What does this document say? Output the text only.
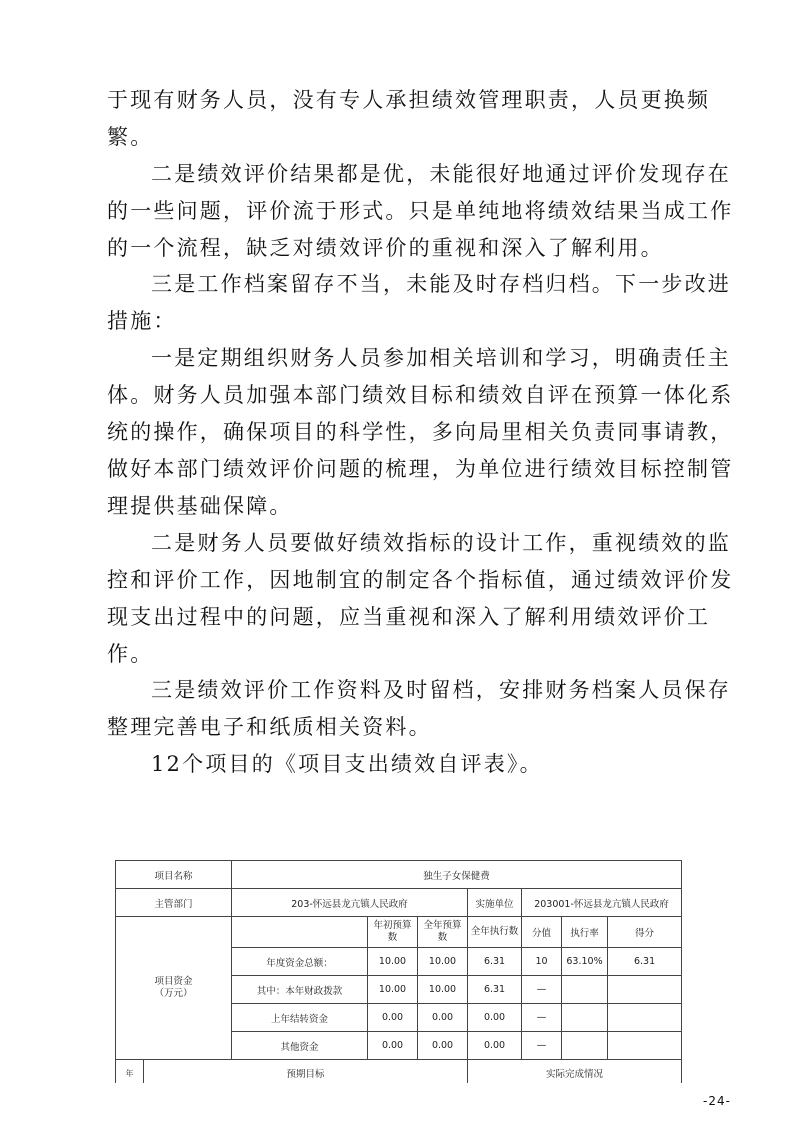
于现有财务人员，没有专人承担绩效管理职责，人员更换频
繁。
二是绩效评价结果都是优，未能很好地通过评价发现存在
的一些问题，评价流于形式。只是单纯地将绩效结果当成工作
的一个流程，缺乏对绩效评价的重视和深入了解利用。
三是工作档案留存不当，未能及时存档归档。下一步改进
措施：
一是定期组织财务人员参加相关培训和学习，明确责任主
体。财务人员加强本部门绩效目标和绩效自评在预算一体化系
统的操作，确保项目的科学性，多向局里相关负责同事请教，
做好本部门绩效评价问题的梳理，为单位进行绩效目标控制管
理提供基础保障。
二是财务人员要做好绩效指标的设计工作，重视绩效的监
控和评价工作，因地制宜的制定各个指标值，通过绩效评价发
现支出过程中的问题，应当重视和深入了解利用绩效评价工
作。
三是绩效评价工作资料及时留档，安排财务档案人员保存
整理完善电子和纸质相关资料。
12个项目的《项目支出绩效自评表》。
项目名称		独生子女保健费						
主管部门		203-怀远县龙亢镇人民政府			实施单位	203001-怀远县龙亢镇人民政府		
项目资金
（万元）			年初预算数	全年预算数	全年执行数	分值	执行率	得分
		年度资金总额：	10.00	10.00	6.31	10	63.10%	6.31
		其中：本年财政拨款	10.00	10.00	6.31	—		
		上年结转资金	0.00	0.00	0.00	—		
		其他资金	0.00	0.00	0.00	—		
年	预期目标				实际完成情况			
-24-
